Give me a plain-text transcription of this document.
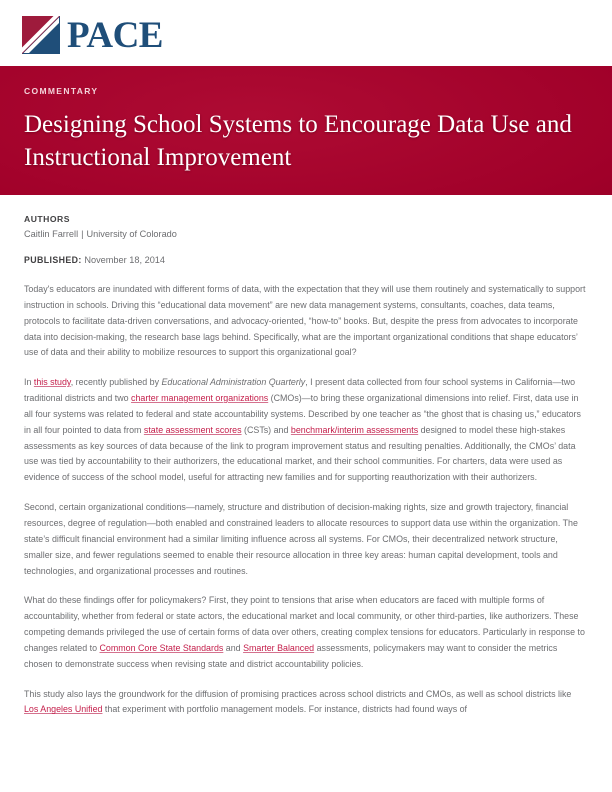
PACE
COMMENTARY
Designing School Systems to Encourage Data Use and Instructional Improvement
AUTHORS
Caitlin Farrell | University of Colorado
PUBLISHED: November 18, 2014

Today's educators are inundated with different forms of data, with the expectation that they will use them routinely and systematically to support instruction in schools. Driving this “educational data movement” are new data management systems, consultants, coaches, data teams, protocols to facilitate data-driven conversations, and advocacy-oriented, “how-to” books. But, despite the press from advocates to incorporate data into decision-making, the research base lags behind. Specifically, what are the important organizational conditions that shape educators’ use of data and their ability to mobilize resources to support this organizational goal?

In this study, recently published by Educational Administration Quarterly, I present data collected from four school systems in California—two traditional districts and two charter management organizations (CMOs)—to bring these organizational dimensions into relief. First, data use in all four systems was related to federal and state accountability systems. Described by one teacher as “the ghost that is chasing us,” educators in all four pointed to data from state assessment scores (CSTs) and benchmark/interim assessments designed to model these high-stakes assessments as key sources of data because of the link to program improvement status and resulting penalties. Additionally, the CMOs’ data use was tied by accountability to their authorizers, the educational market, and their school communities. For charters, data were used as evidence of success of the school model, useful for attracting new families and for supporting reauthorization with their authorizers.

Second, certain organizational conditions—namely, structure and distribution of decision-making rights, size and growth trajectory, financial resources, degree of regulation—both enabled and constrained leaders to allocate resources to support data use within the organization. The state’s difficult financial environment had a similar limiting influence across all systems. For CMOs, their decentralized network structure, smaller size, and fewer regulations seemed to enable their resource allocation in three key areas: human capital development, tools and technologies, and organizational processes and routines.

What do these findings offer for policymakers? First, they point to tensions that arise when educators are faced with multiple forms of accountability, whether from federal or state actors, the educational market and local community, or other third-parties, like authorizers. These competing demands privileged the use of certain forms of data over others, creating complex tensions for educators. Particularly in response to changes related to Common Core State Standards and Smarter Balanced assessments, policymakers may want to consider the metrics chosen to demonstrate success when revising state and district accountability policies.

This study also lays the groundwork for the diffusion of promising practices across school districts and CMOs, as well as school districts like Los Angeles Unified that experiment with portfolio management models. For instance, districts had found ways of
